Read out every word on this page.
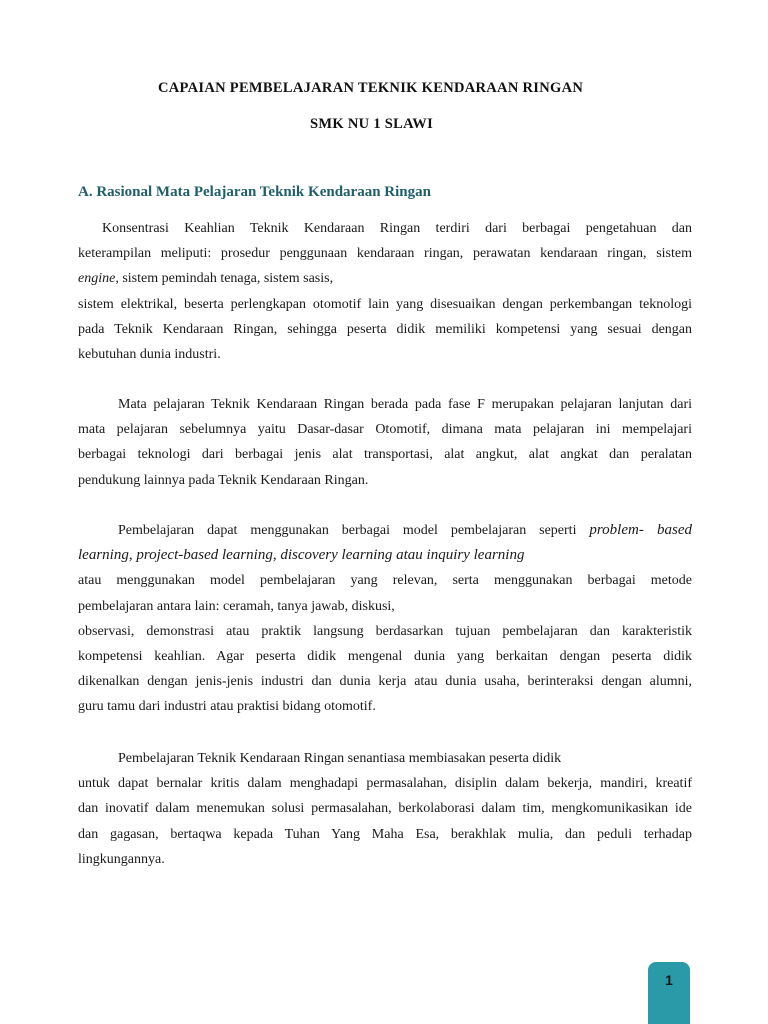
CAPAIAN PEMBELAJARAN TEKNIK KENDARAAN RINGAN
SMK NU 1 SLAWI
A. Rasional Mata Pelajaran Teknik Kendaraan Ringan
Konsentrasi Keahlian Teknik Kendaraan Ringan terdiri dari berbagai pengetahuan dan
keterampilan meliputi: prosedur penggunaan kendaraan ringan, perawatan kendaraan ringan, sistem
engine, sistem pemindah tenaga, sistem sasis,
sistem elektrikal, beserta perlengkapan otomotif lain yang disesuaikan dengan perkembangan teknologi
pada Teknik Kendaraan Ringan, sehingga peserta didik memiliki kompetensi yang sesuai dengan
kebutuhan dunia industri.
Mata pelajaran Teknik Kendaraan Ringan berada pada fase F merupakan pelajaran lanjutan dari
mata pelajaran sebelumnya yaitu Dasar-dasar Otomotif, dimana mata pelajaran ini mempelajari
berbagai teknologi dari berbagai jenis alat transportasi, alat angkut, alat angkat dan peralatan
pendukung lainnya pada Teknik Kendaraan Ringan.
Pembelajaran dapat menggunakan berbagai model pembelajaran seperti problem- based
learning, project-based learning, discovery learning atau inquiry learning
atau menggunakan model pembelajaran yang relevan, serta menggunakan berbagai metode
pembelajaran antara lain: ceramah, tanya jawab, diskusi,
observasi, demonstrasi atau praktik langsung berdasarkan tujuan pembelajaran dan karakteristik
kompetensi keahlian. Agar peserta didik mengenal dunia yang berkaitan dengan peserta didik
dikenalkan dengan jenis-jenis industri dan dunia kerja atau dunia usaha, berinteraksi dengan alumni,
guru tamu dari industri atau praktisi bidang otomotif.
Pembelajaran Teknik Kendaraan Ringan senantiasa membiasakan peserta didik
untuk dapat bernalar kritis dalam menghadapi permasalahan, disiplin dalam bekerja, mandiri, kreatif
dan inovatif dalam menemukan solusi permasalahan, berkolaborasi dalam tim, mengkomunikasikan ide
dan gagasan, bertaqwa kepada Tuhan Yang Maha Esa, berakhlak mulia, dan peduli terhadap
lingkungannya.
1
